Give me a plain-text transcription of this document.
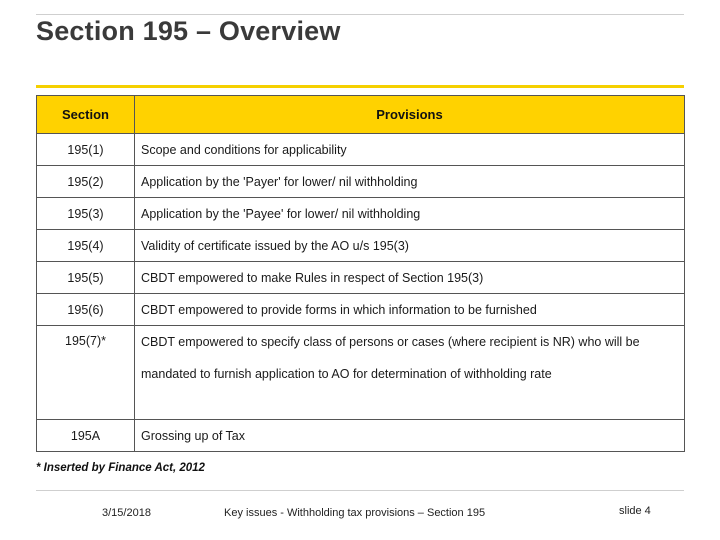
Section 195 – Overview
Section	Provisions
195(1)	Scope and conditions for applicability
195(2)	Application by the 'Payer' for lower/ nil withholding
195(3)	Application by the 'Payee' for lower/ nil withholding
195(4)	Validity of certificate issued by the AO u/s 195(3)
195(5)	CBDT empowered to make Rules in respect of Section 195(3)
195(6)	CBDT empowered to provide forms in which information to be furnished
195(7)*	CBDT empowered to specify class of persons or cases (where recipient is NR) who will be mandated to furnish application to AO for determination of withholding rate
195A	Grossing up of Tax
* Inserted by Finance Act, 2012
3/15/2018	Key issues - Withholding tax provisions – Section 195	slide 4
